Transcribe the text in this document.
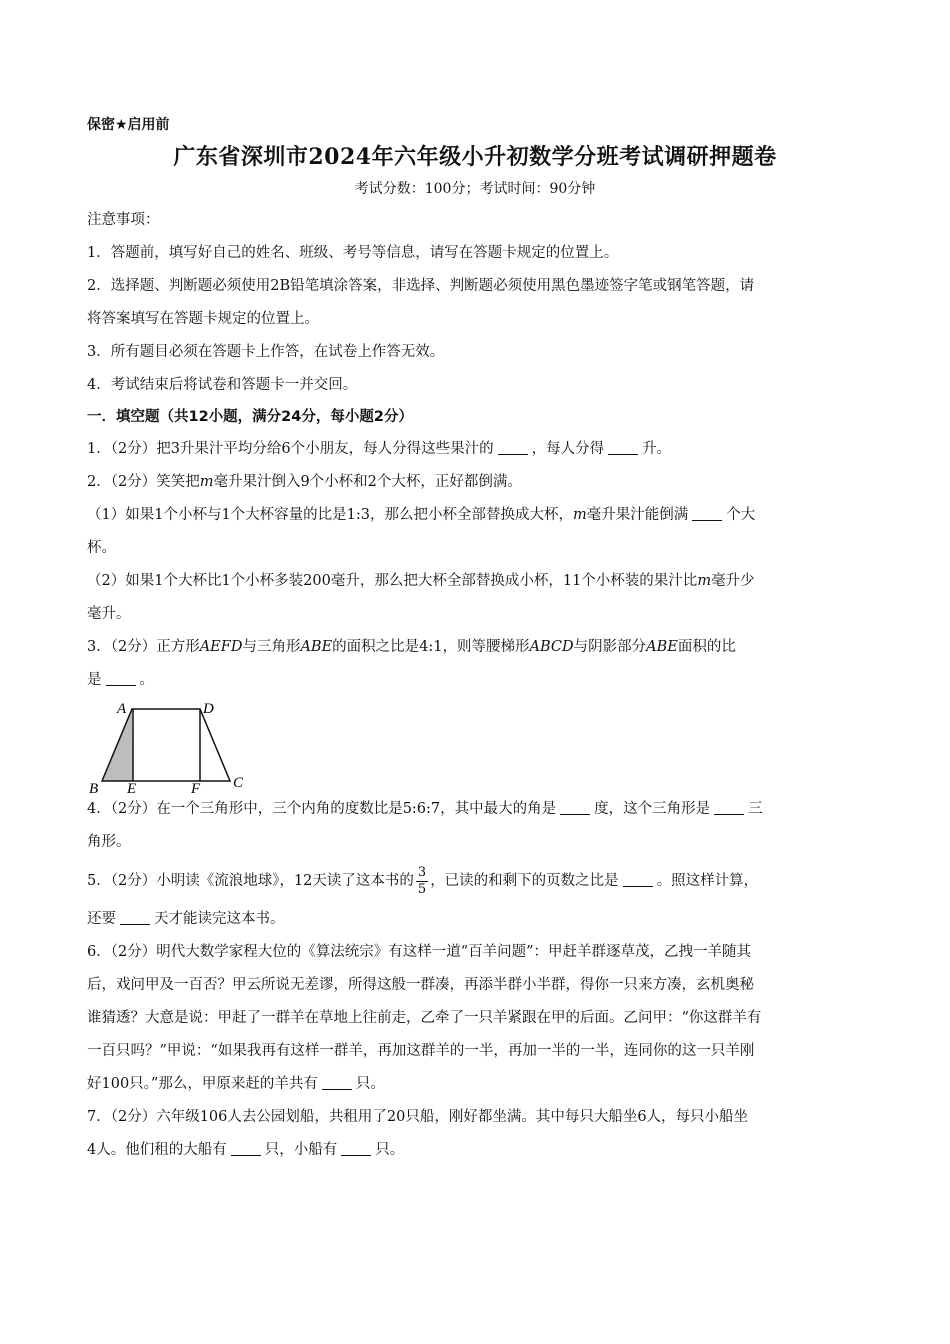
保密★启用前
广东省深圳市2024年六年级小升初数学分班考试调研押题卷
考试分数：100分；考试时间：90分钟
注意事项：
1．答题前，填写好自己的姓名、班级、考号等信息，请写在答题卡规定的位置上。
2．选择题、判断题必须使用2B铅笔填涂答案，非选择、判断题必须使用黑色墨迹签字笔或钢笔答题，请
将答案填写在答题卡规定的位置上。
3．所有题目必须在答题卡上作答，在试卷上作答无效。
4．考试结束后将试卷和答题卡一并交回。
一．填空题（共12小题，满分24分，每小题2分）
1．（2分）把3升果汁平均分给6个小朋友，每人分得这些果汁的	，每人分得	升。
2．（2分）笑笑把m毫升果汁倒入9个小杯和2个大杯，正好都倒满。
（1）如果1个小杯与1个大杯容量的比是1:3，那么把小杯全部替换成大杯，m毫升果汁能倒满	个大
杯。
（2）如果1个大杯比1个小杯多装200毫升，那么把大杯全部替换成小杯，11个小杯装的果汁比m毫升少
毫升。
3．（2分）正方形AEFD与三角形ABE的面积之比是4:1，则等腰梯形ABCD与阴影部分ABE面积的比
是	。
A	D
B E	F C
4．（2分）在一个三角形中，三个内角的度数比是5:6:7，其中最大的角是	度，这个三角形是	三
角形。
5．（2分）小明读《流浪地球》，12天读了这本书的 $\frac{3}{5}$ ，已读的和剩下的页数之比是	。照这样计算，
还要	天才能读完这本书。
6．（2分）明代大数学家程大位的《算法统宗》有这样一道“百羊问题”：甲赶羊群逐草茂，乙拽一羊随其
后，戏问甲及一百否？甲云所说无差谬，所得这般一群凑，再添半群小半群，得你一只来方凑，玄机奥秘
谁猜透？大意是说：甲赶了一群羊在草地上往前走，乙牵了一只羊紧跟在甲的后面。乙问甲：“你这群羊有
一百只吗？”甲说：“如果我再有这样一群羊，再加这群羊的一半，再加一半的一半，连同你的这一只羊刚
好100只。”那么，甲原来赶的羊共有	只。
7．（2分）六年级106人去公园划船，共租用了20只船，刚好都坐满。其中每只大船坐6人，每只小船坐
4人。他们租的大船有	只，小船有	只。
